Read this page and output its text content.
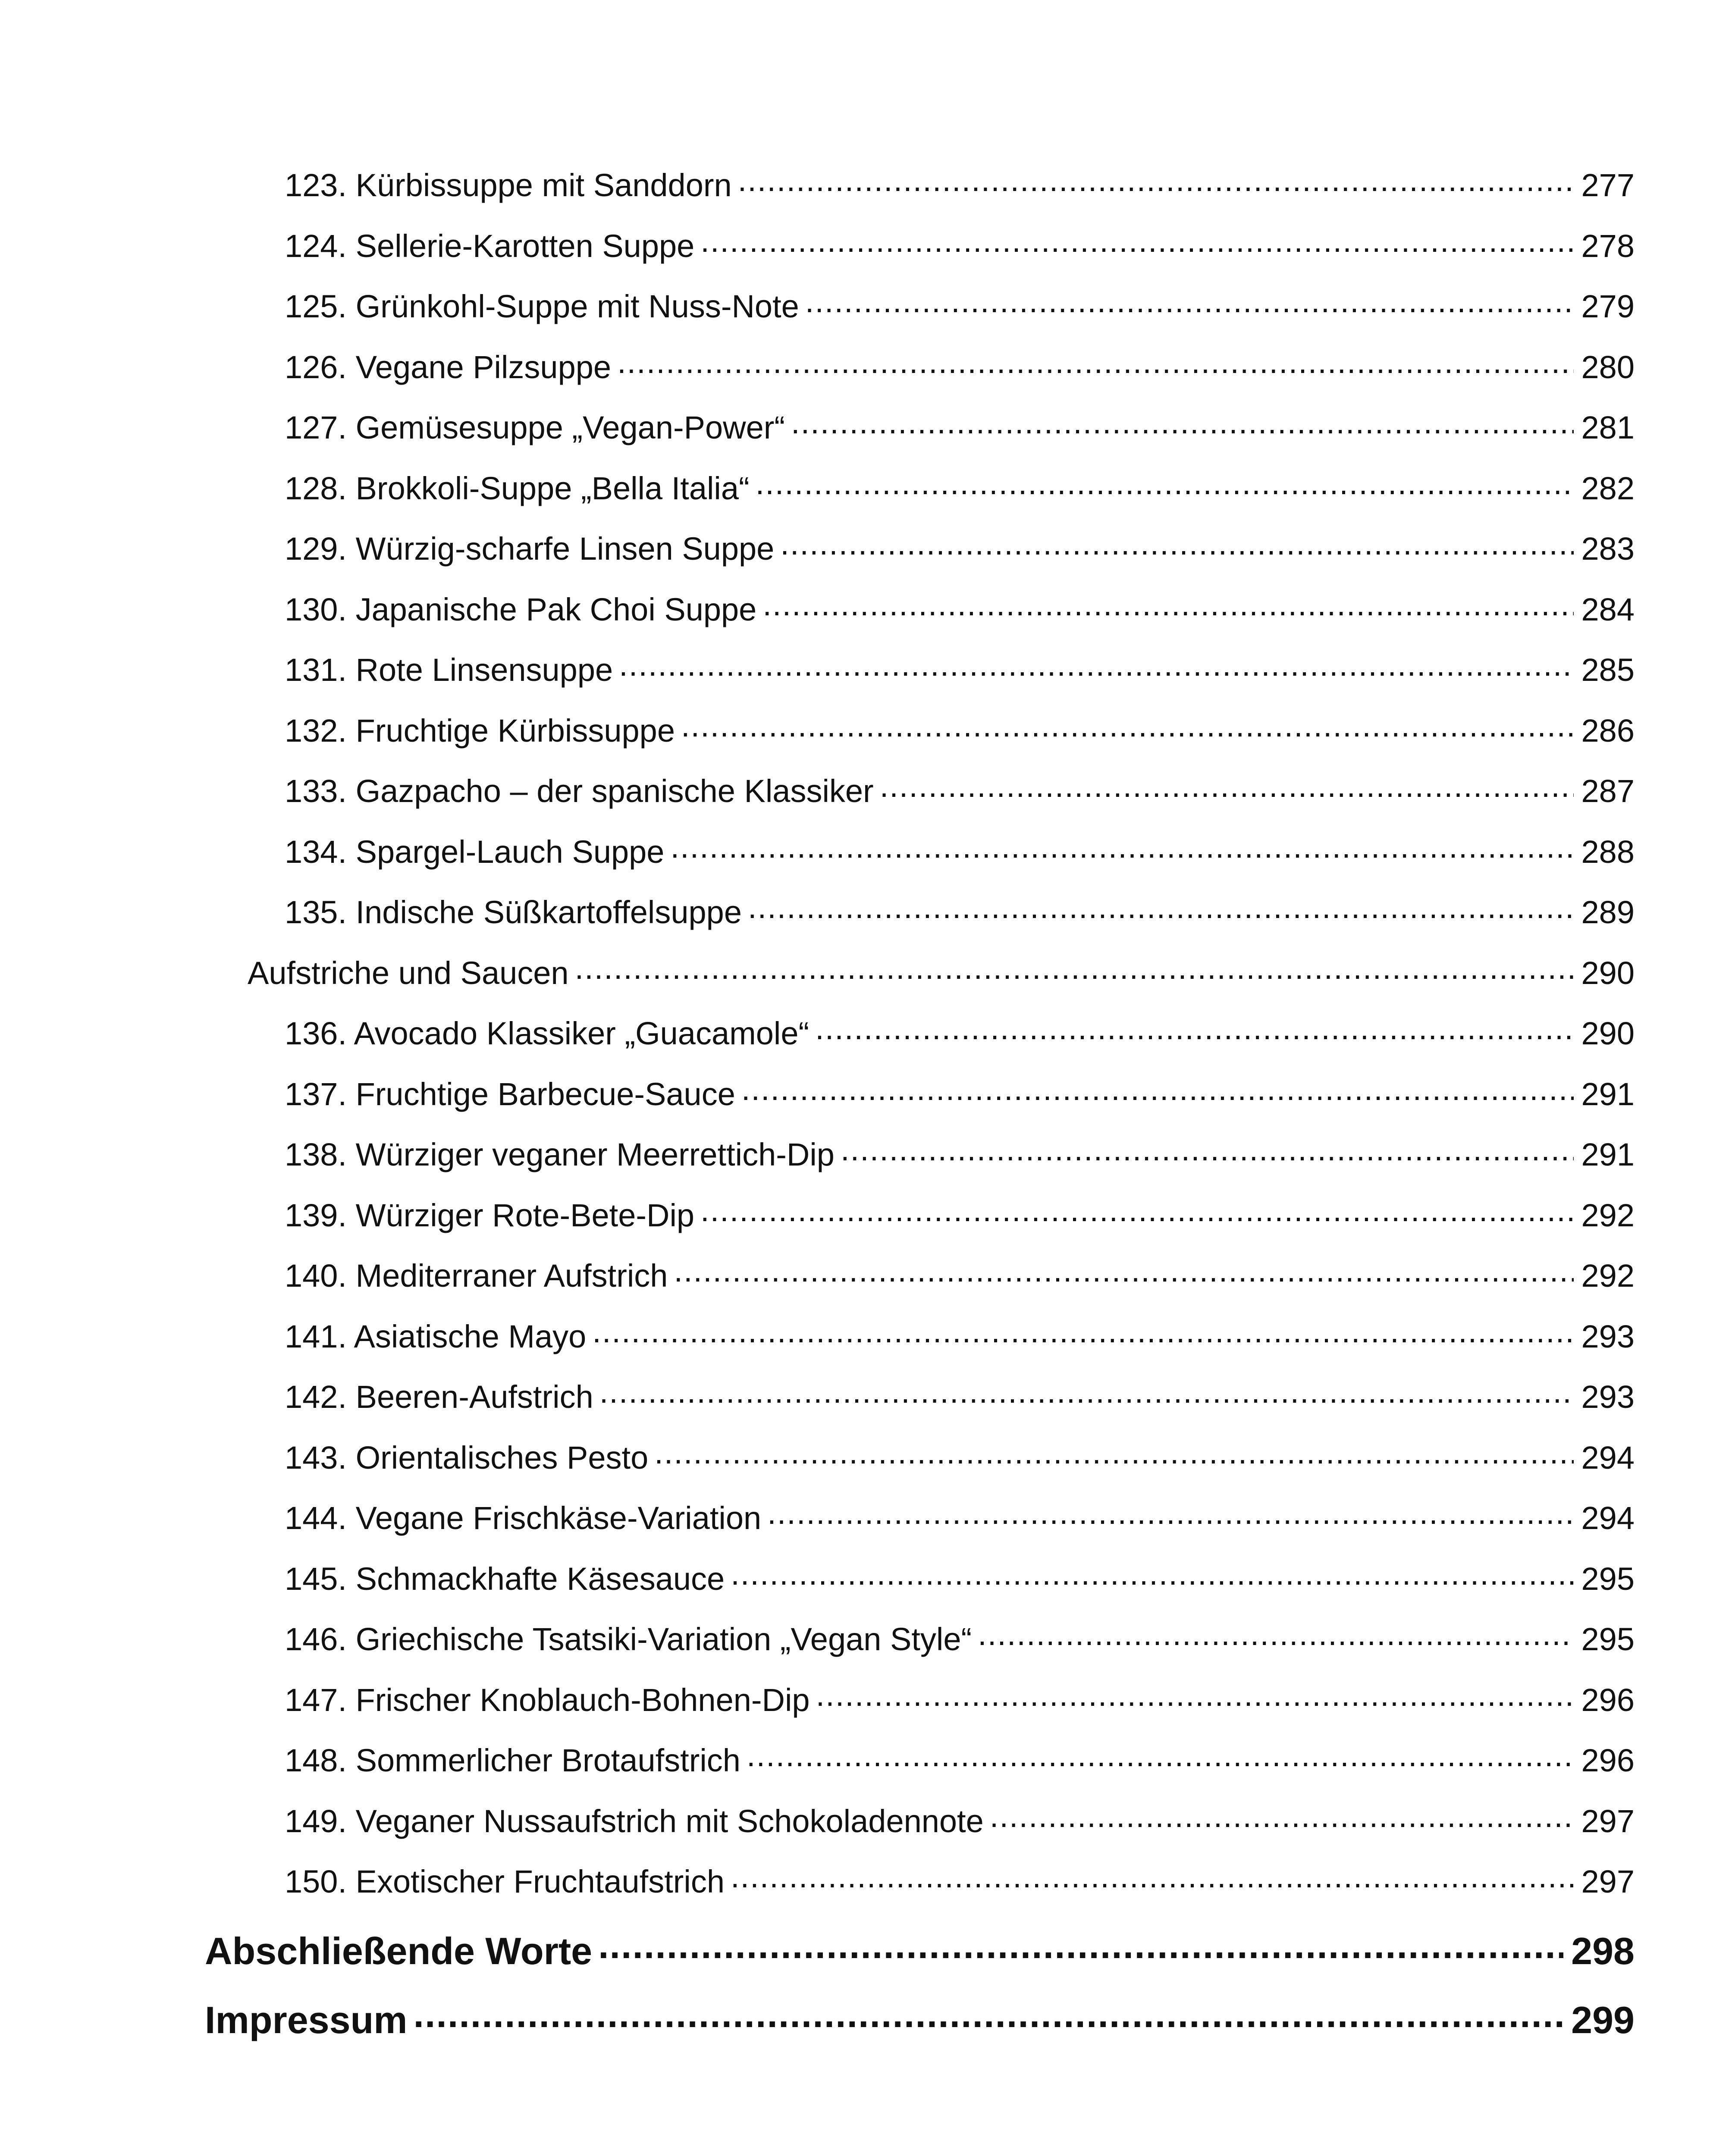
123. Kürbissuppe mit Sanddorn .....	277
124. Sellerie-Karotten Suppe .....	278
125. Grünkohl-Suppe mit Nuss-Note .....	279
126. Vegane Pilzsuppe .....	280
127. Gemüsesuppe „Vegan-Power“ .....	281
128. Brokkoli-Suppe „Bella Italia“ .....	282
129. Würzig-scharfe Linsen Suppe .....	283
130. Japanische Pak Choi Suppe .....	284
131. Rote Linsensuppe .....	285
132. Fruchtige Kürbissuppe .....	286
133. Gazpacho – der spanische Klassiker .....	287
134. Spargel-Lauch Suppe .....	288
135. Indische Süßkartoffelsuppe .....	289
Aufstriche und Saucen .....	290
136. Avocado Klassiker „Guacamole“ .....	290
137. Fruchtige Barbecue-Sauce .....	291
138. Würziger veganer Meerrettich-Dip .....	291
139. Würziger Rote-Bete-Dip .....	292
140. Mediterraner Aufstrich .....	292
141. Asiatische Mayo .....	293
142. Beeren-Aufstrich .....	293
143. Orientalisches Pesto .....	294
144. Vegane Frischkäse-Variation .....	294
145. Schmackhafte Käsesauce .....	295
146. Griechische Tsatsiki-Variation „Vegan Style“ .....	295
147. Frischer Knoblauch-Bohnen-Dip .....	296
148. Sommerlicher Brotaufstrich .....	296
149. Veganer Nussaufstrich mit Schokoladennote .....	297
150. Exotischer Fruchtaufstrich .....	297
Abschließende Worte .....	298
Impressum .....	299
